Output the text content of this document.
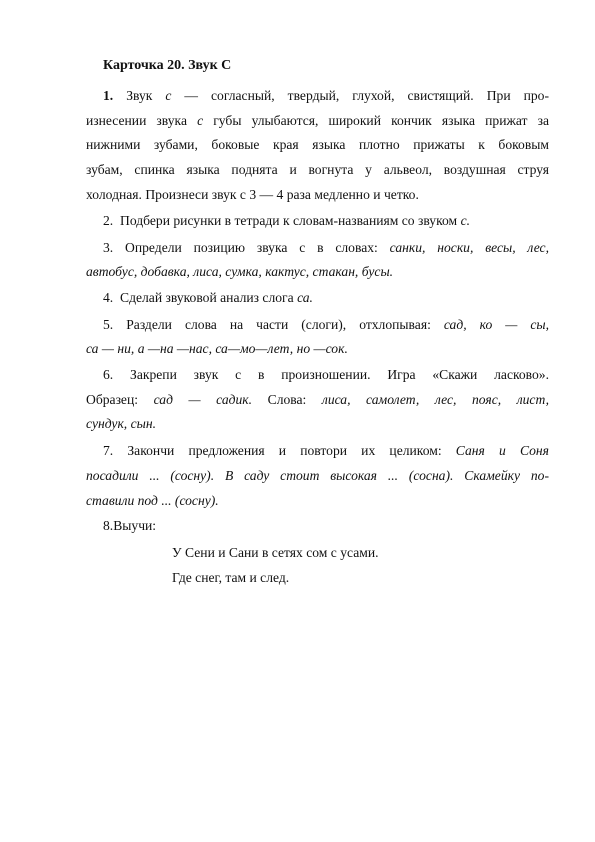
Карточка 20. Звук С
1. Звук с — согласный, твердый, глухой, свистящий. При про-
изнесении звука с губы улыбаются, широкий кончик языка прижат за
нижними зубами, боковые края языка плотно прижаты к боковым
зубам, спинка языка поднята и вогнута у альвеол, воздушная струя
холодная. Произнеси звук с 3 — 4 раза медленно и четко.
2. Подбери рисунки в тетради к словам-названиям со звуком с.
3. Определи позицию звука с в словах: санки, носки, весы, лес,
автобус, добавка, лиса, сумка, кактус, стакан, бусы.
4. Сделай звуковой анализ слога са.
5. Раздели слова на части (слоги), отхлопывая: сад, ко — сы,
са — ни, а —на —нас, са—мо—лет, но —сок.
6. Закрепи звук с в произношении. Игра «Скажи ласково».
Образец: сад — садик. Слова: лиса, самолет, лес, пояс, лист,
сундук, сын.
7. Закончи предложения и повтори их целиком: Саня и Соня
посадили ... (сосну). В саду стоит высокая ... (сосна). Скамейку по-
ставили под ... (сосну).
8.Выучи:
У Сени и Сани в сетях сом с усами.
Где снег, там и след.
